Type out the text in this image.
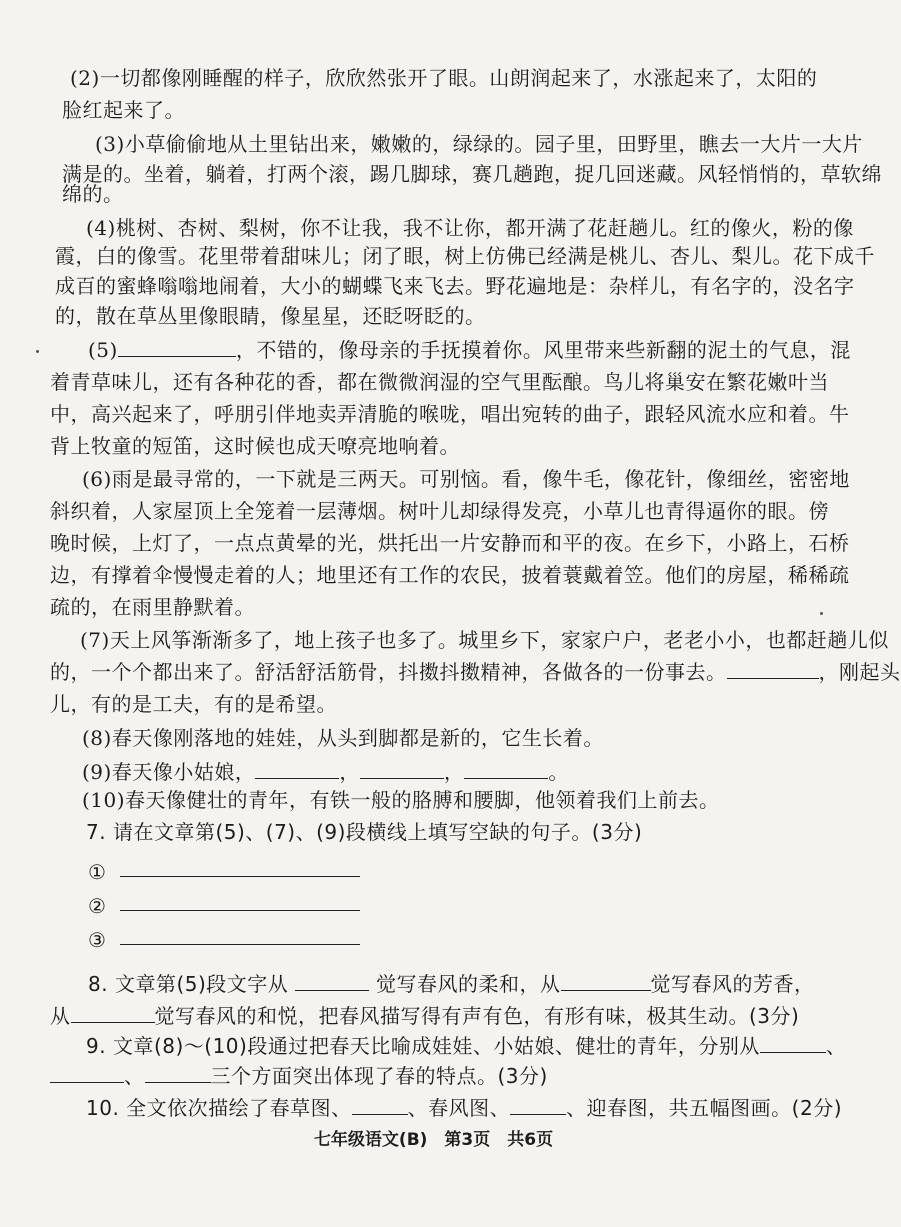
(2)一切都像刚睡醒的样子，欣欣然张开了眼。山朗润起来了，水涨起来了，太阳的
脸红起来了。
(3)小草偷偷地从土里钻出来，嫩嫩的，绿绿的。园子里，田野里，瞧去一大片一大片
满是的。坐着，躺着，打两个滚，踢几脚球，赛几趟跑，捉几回迷藏。风轻悄悄的，草软绵
绵的。
(4)桃树、杏树、梨树，你不让我，我不让你，都开满了花赶趟儿。红的像火，粉的像
霞，白的像雪。花里带着甜味儿；闭了眼，树上仿佛已经满是桃儿、杏儿、梨儿。花下成千
成百的蜜蜂嗡嗡地闹着，大小的蝴蝶飞来飞去。野花遍地是：杂样儿，有名字的，没名字
的，散在草丛里像眼睛，像星星，还眨呀眨的。
(5)	，不错的，像母亲的手抚摸着你。风里带来些新翻的泥土的气息，混
着青草味儿，还有各种花的香，都在微微润湿的空气里酝酿。鸟儿将巢安在繁花嫩叶当
中，高兴起来了，呼朋引伴地卖弄清脆的喉咙，唱出宛转的曲子，跟轻风流水应和着。牛
背上牧童的短笛，这时候也成天嘹亮地响着。
(6)雨是最寻常的，一下就是三两天。可别恼。看，像牛毛，像花针，像细丝，密密地
斜织着，人家屋顶上全笼着一层薄烟。树叶儿却绿得发亮，小草儿也青得逼你的眼。傍
晚时候，上灯了，一点点黄晕的光，烘托出一片安静而和平的夜。在乡下，小路上，石桥
边，有撑着伞慢慢走着的人；地里还有工作的农民，披着蓑戴着笠。他们的房屋，稀稀疏
疏的，在雨里静默着。
(7)天上风筝渐渐多了，地上孩子也多了。城里乡下，家家户户，老老小小，也都赶趟儿似
的，一个个都出来了。舒活舒活筋骨，抖擞抖擞精神，各做各的一份事去。	，刚起头
儿，有的是工夫，有的是希望。
(8)春天像刚落地的娃娃，从头到脚都是新的，它生长着。
(9)春天像小姑娘，	，	，	。
(10)春天像健壮的青年，有铁一般的胳膊和腰脚，他领着我们上前去。
7. 请在文章第(5)、(7)、(9)段横线上填写空缺的句子。(3分)
①
②
③
8. 文章第(5)段文字从	觉写春风的柔和，从	觉写春风的芳香，
从	觉写春风的和悦，把春风描写得有声有色，有形有味，极其生动。(3分)
9. 文章(8)～(10)段通过把春天比喻成娃娃、小姑娘、健壮的青年，分别从	、
、	三个方面突出体现了春的特点。(3分)
10. 全文依次描绘了春草图、	、春风图、	、迎春图，共五幅图画。(2分)
七年级语文(B)　第3页　共6页
